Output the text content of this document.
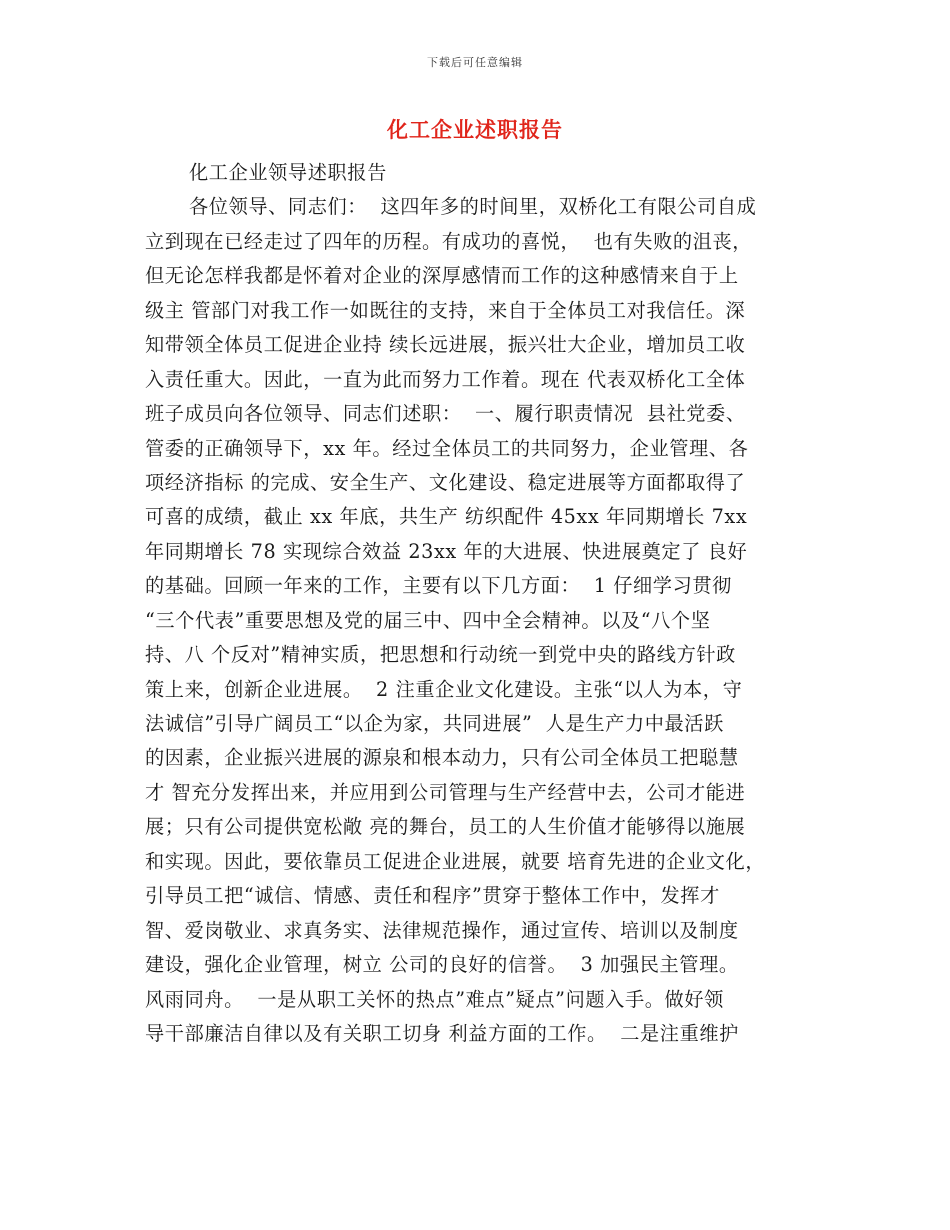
下载后可任意编辑
化工企业述职报告
化工企业领导述职报告
各位领导、同志们：  这四年多的时间里，双桥化工有限公司自成
立到现在已经走过了四年的历程。有成功的喜悦，  也有失败的沮丧，
但无论怎样我都是怀着对企业的深厚感情而工作的这种感情来自于上
级主 管部门对我工作一如既往的支持，来自于全体员工对我信任。深
知带领全体员工促进企业持 续长远进展，振兴壮大企业，增加员工收
入责任重大。因此，一直为此而努力工作着。现在 代表双桥化工全体
班子成员向各位领导、同志们述职：  一、履行职责情况  县社党委、
管委的正确领导下，xx 年。经过全体员工的共同努力，企业管理、各
项经济指标 的完成、安全生产、文化建设、稳定进展等方面都取得了
可喜的成绩，截止 xx 年底，共生产 纺织配件 45xx 年同期增长 7xx
年同期增长 78 实现综合效益 23xx 年的大进展、快进展奠定了 良好
的基础。回顾一年来的工作，主要有以下几方面：  1 仔细学习贯彻
“三个代表”重要思想及党的届三中、四中全会精神。以及“八个坚
持、八 个反对”精神实质，把思想和行动统一到党中央的路线方针政
策上来，创新企业进展。  2 注重企业文化建设。主张“以人为本，守
法诚信”引导广阔员工“以企为家，共同进展”  人是生产力中最活跃
的因素，企业振兴进展的源泉和根本动力，只有公司全体员工把聪慧
才 智充分发挥出来，并应用到公司管理与生产经营中去，公司才能进
展；只有公司提供宽松敞 亮的舞台，员工的人生价值才能够得以施展
和实现。因此，要依靠员工促进企业进展，就要 培育先进的企业文化，
引导员工把“诚信、情感、责任和程序”贯穿于整体工作中，发挥才
智、爱岗敬业、求真务实、法律规范操作，通过宣传、培训以及制度
建设，强化企业管理，树立 公司的良好的信誉。  3 加强民主管理。
风雨同舟。  一是从职工关怀的热点”难点”疑点”问题入手。做好领
导干部廉洁自律以及有关职工切身 利益方面的工作。  二是注重维护
